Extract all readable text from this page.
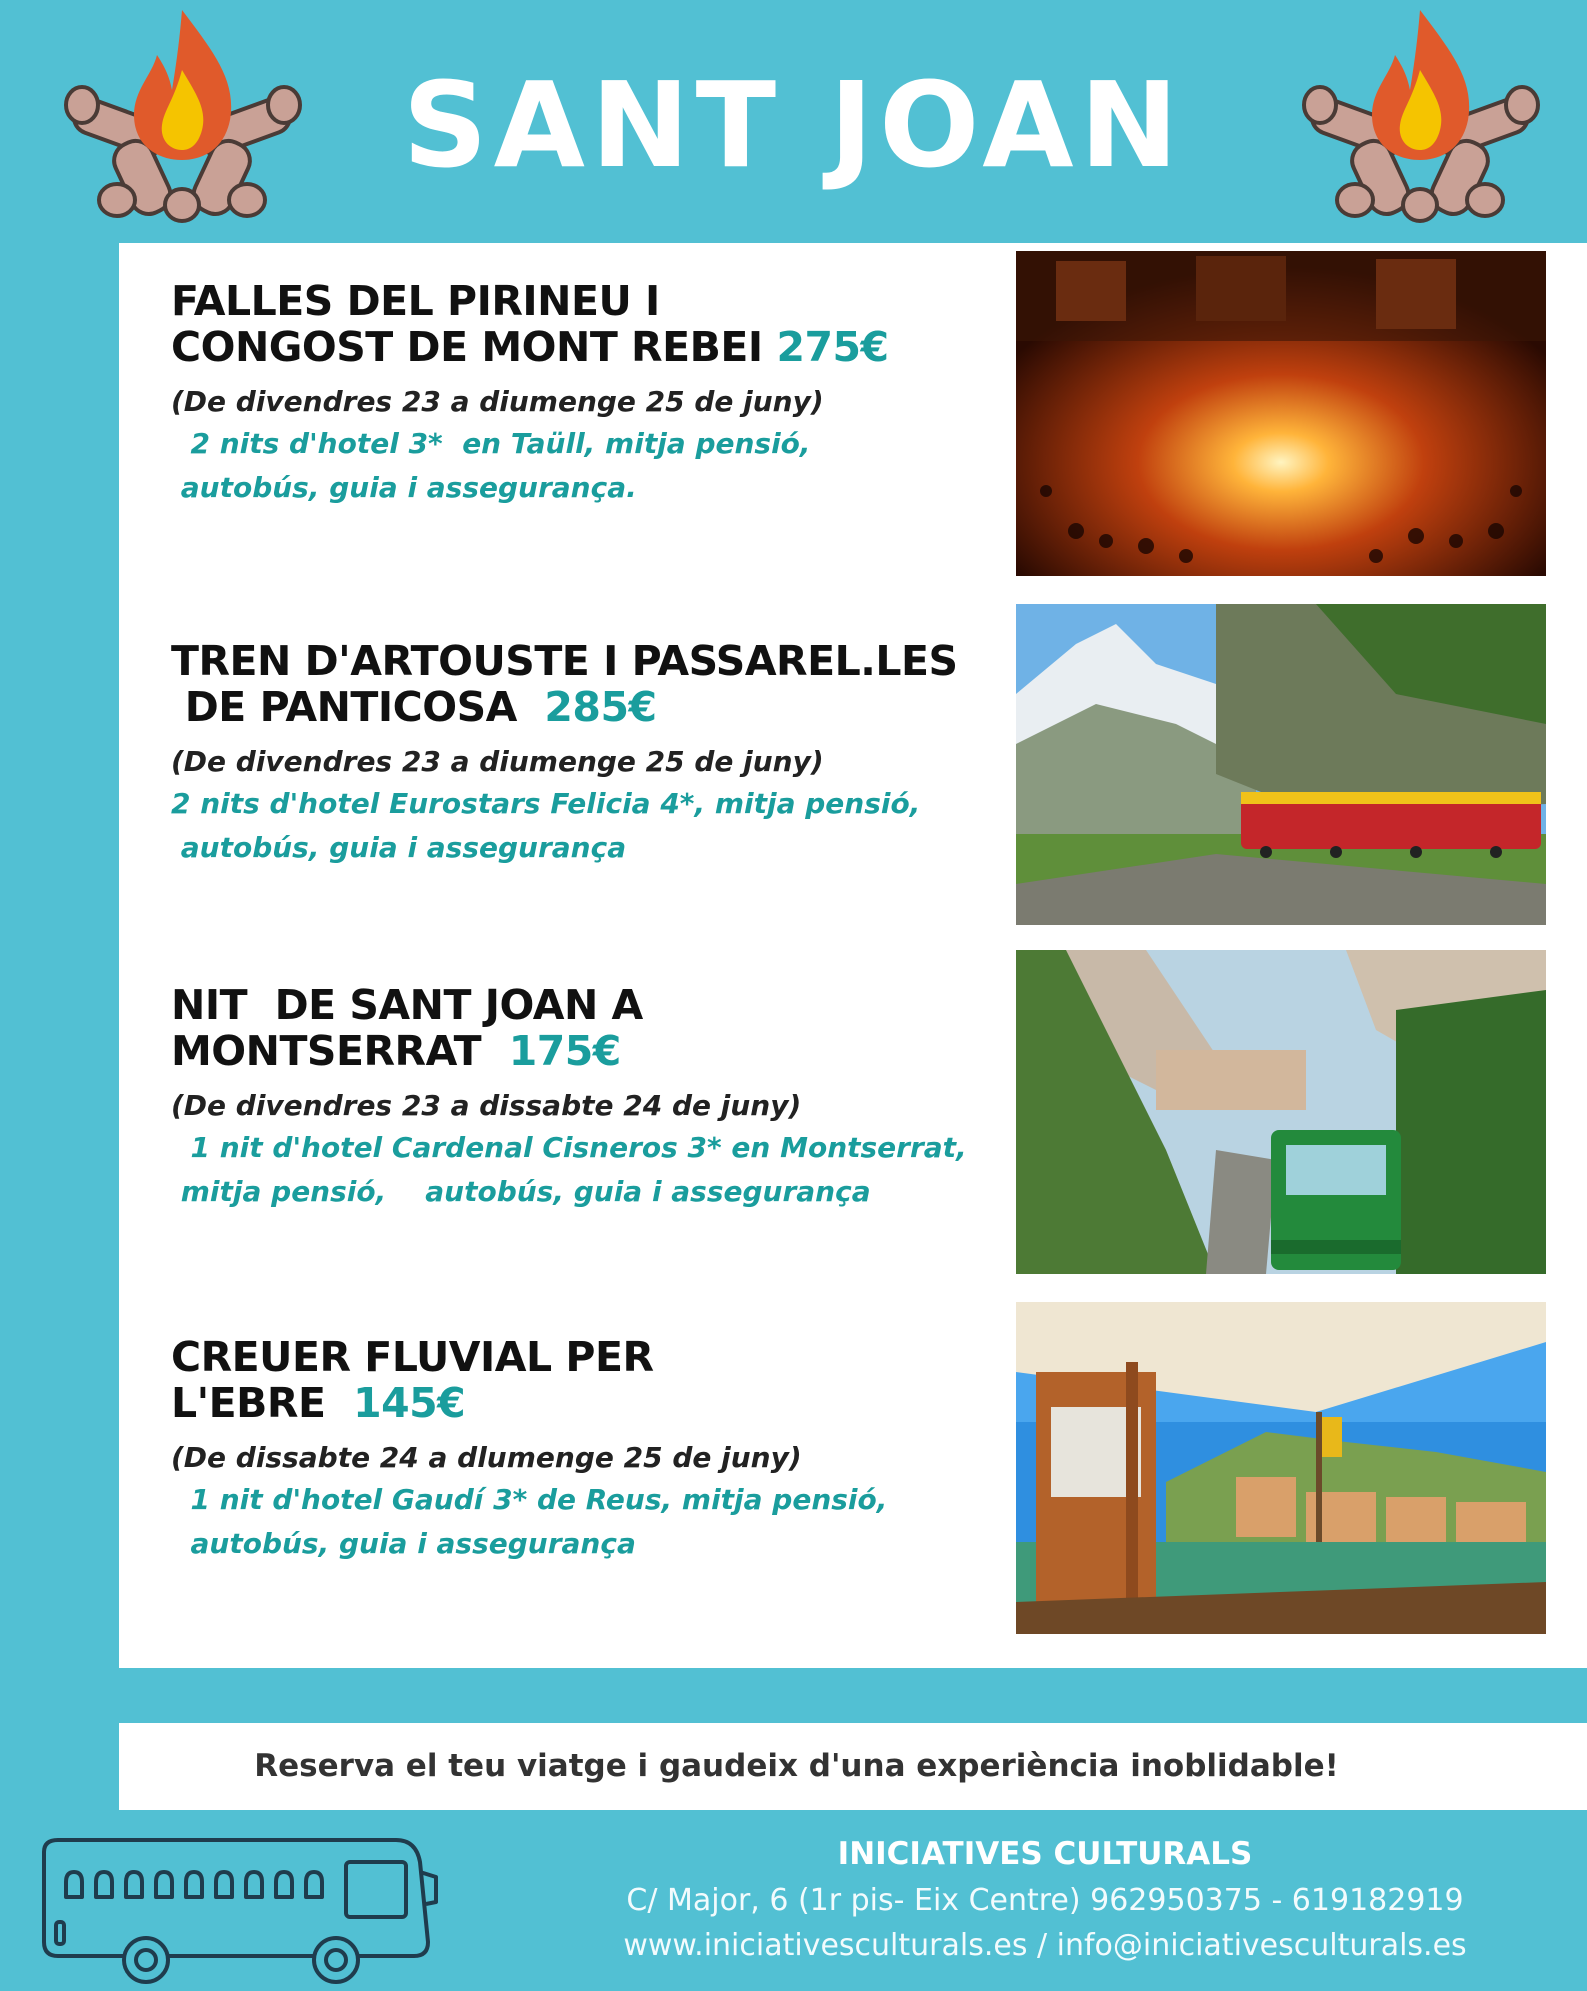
SANT JOAN
FALLES DEL PIRINEU I
CONGOST DE MONT REBEI 275€
(De divendres 23 a diumenge 25 de juny)
2 nits d'hotel 3*  en Taüll, mitja pensió,
autobús, guia i assegurança.
TREN D'ARTOUSTE I PASSAREL.LES
DE PANTICOSA 285€
(De divendres 23 a diumenge 25 de juny)
2 nits d'hotel Eurostars Felicia 4*, mitja pensió,
autobús, guia i assegurança
NIT  DE SANT JOAN A
MONTSERRAT 175€
(De divendres 23 a dissabte 24 de juny)
1 nit d'hotel Cardenal Cisneros 3* en Montserrat,
mitja pensió,    autobús, guia i assegurança
CREUER FLUVIAL PER
L'EBRE 145€
(De dissabte 24 a dlumenge 25 de juny)
1 nit d'hotel Gaudí 3* de Reus, mitja pensió,
autobús, guia i assegurança
Reserva el teu viatge i gaudeix d'una experiència inoblidable!
INICIATIVES CULTURALS
C/ Major, 6 (1r pis- Eix Centre) 962950375 - 619182919
www.iniciativesculturals.es / info@iniciativesculturals.es
